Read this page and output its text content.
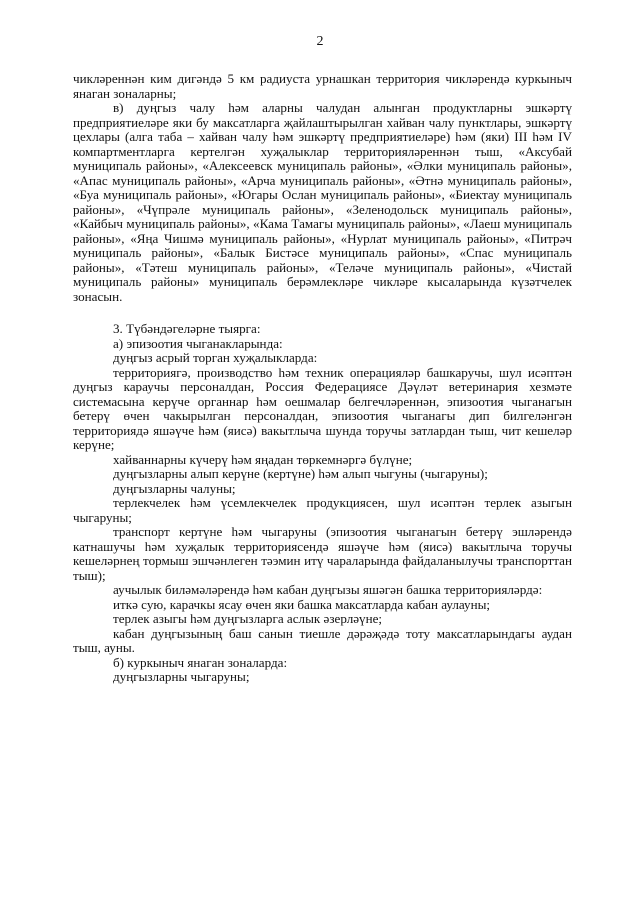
2

чикләреннән ким дигәндә 5 км радиуста урнашкан территория чикләрендә куркыныч янаган зоналарны;

в) дуңгыз чалу һәм аларны чалудан алынган продуктларны эшкәртү предприятиеләре яки бу максатларга җайлаштырылган хайван чалу пунктлары, эшкәртү цехлары (алга таба – хайван чалу һәм эшкәртү предприятиеләре) һәм (яки) III һәм IV компартментларга кертелгән хуҗалыклар территорияләреннән тыш, «Аксубай муниципаль районы», «Алексеевск муниципаль районы», «Әлки муниципаль районы», «Апас муниципаль районы», «Арча муниципаль районы», «Әтнә муниципаль районы», «Буа муниципаль районы», «Югары Ослан муниципаль районы», «Биектау муниципаль районы», «Чүпрәле муниципаль районы», «Зеленодольск муниципаль районы», «Кайбыч муниципаль районы», «Кама Тамагы муниципаль районы», «Лаеш муниципаль районы», «Яңа Чишмә муниципаль районы», «Нурлат муниципаль районы», «Питрәч муниципаль районы», «Балык Бистәсе муниципаль районы», «Спас муниципаль районы», «Тәтеш муниципаль районы», «Теләче муниципаль районы», «Чистай муниципаль районы» муниципаль берәмлекләре чикләре кысаларында күзәтчелек зонасын.

3. Түбәндәгеләрне тыярга:

а) эпизоотия чыганакларында:

дуңгыз асрый торган хуҗалыкларда:

территориягә, производство һәм техник операцияләр башкаручы, шул исәптән дуңгыз караучы персоналдан, Россия Федерациясе Дәүләт ветеринария хезмәте системасына керүче органнар һәм оешмалар белгечләреннән, эпизоотия чыганагын бетерү өчен чакырылган персоналдан, эпизоотия чыганагы дип билгеләнгән территориядә яшәүче һәм (яисә) вакытлыча шунда торучы затлардан тыш, чит кешеләр керүне;

хайваннарны күчерү һәм яңадан төркемнәргә бүлүне;

дуңгызларны алып керүне (кертүне) һәм алып чыгуны (чыгаруны);

дуңгызларны чалуны;

терлекчелек һәм үсемлекчелек продукциясен, шул исәптән терлек азыгын чыгаруны;

транспорт кертүне һәм чыгаруны (эпизоотия чыганагын бетерү эшләрендә катнашучы һәм хуҗалык территориясендә яшәүче һәм (яисә) вакытлыча торучы кешеләрнең тормыш эшчәнлеген тәэмин итү чараларында файдаланылучы транспорттан тыш);

аучылык биләмәләрендә һәм кабан дуңгызы яшәгән башка территорияләрдә:

иткә сую, карачкы ясау өчен яки башка максатларда кабан аулауны;

терлек азыгы һәм дуңгызларга аслык әзерләүне;

кабан дуңгызының баш санын тиешле дәрәҗәдә тоту максатларындагы аудан тыш, ауны.

б) куркыныч янаган зоналарда:

дуңгызларны чыгаруны;
